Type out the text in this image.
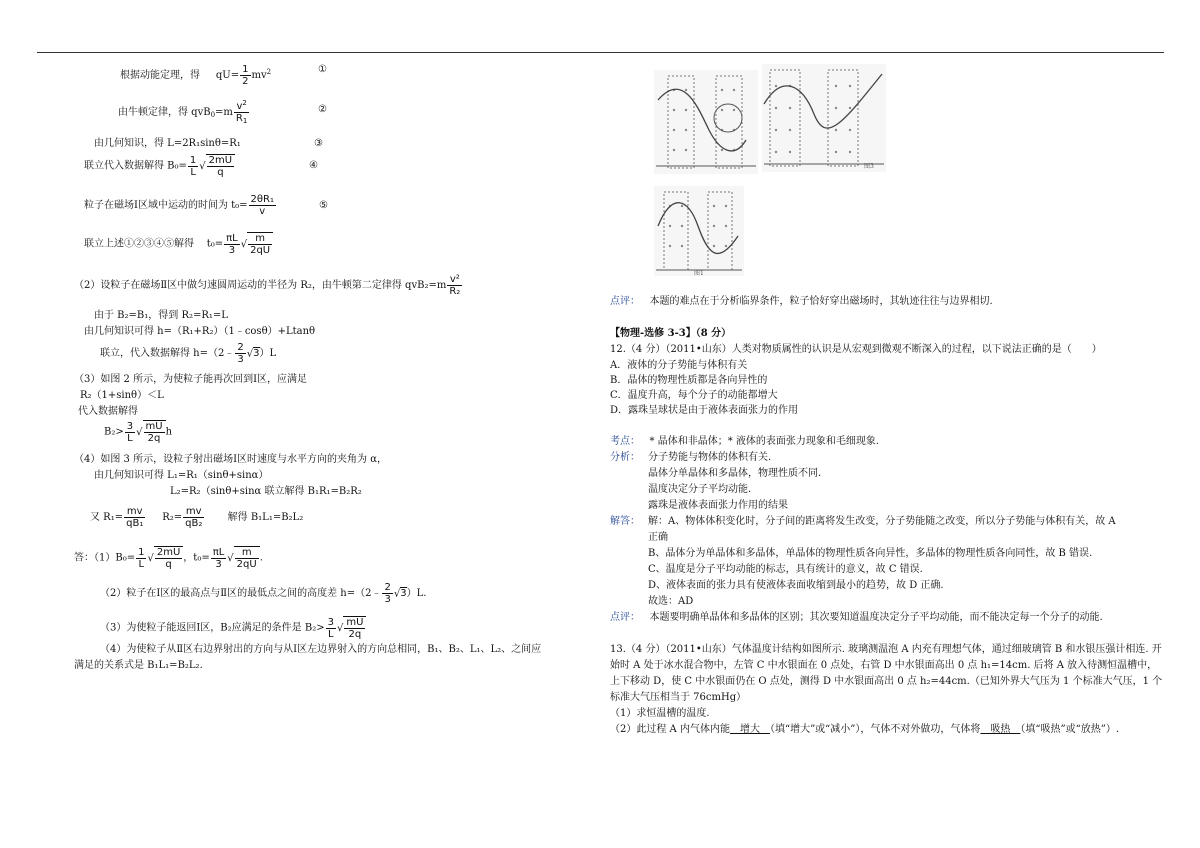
根据动能定理，得 $qU= \frac{1}{2} mv^2$	①
由牛顿定律，得 $qvB_0=m \frac{v^2}{R_1}$	②
由几何知识，得 L=2R₁sinθ=R₁	③
联立代入数据解得 $B_0= \frac{1}{L}$ √ $\frac{2mU}{q}$	④
粒子在磁场Ⅰ区域中运动的时间为 $t_0= \frac{\text{2θR₁}}{v}$	⑤
联立上述①②③④⑤解得 $t_0= \frac{\pi L}{3}$ √ $\frac{m}{2qU}$
（2）设粒子在磁场Ⅱ区中做匀速圆周运动的半径为 R₂，由牛顿第二定律得 $qvB_2=m \frac{\text{v²}}{\text{R₂}}$
由于 B₂=B₁，得到 R₂=R₁=L
由几何知识可得 h=（R₁+R₂）（1﹣cosθ）+Ltanθ
联立，代入数据解得 h=（2﹣ $\frac{2}{3} √3)L$
（3）如图 2 所示，为使粒子能再次回到Ⅰ区，应满足
R₂（1+sinθ）＜L
代入数据解得
$B_2> \frac{3}{L}$ √ $\frac{mU}{2q}$ h
（4）如图 3 所示，设粒子射出磁场Ⅰ区时速度与水平方向的夹角为 α，
由几何知识可得 L₁=R₁（sinθ+sinα）
L₂=R₂（sinθ+sinα 联立解得 B₁R₁=B₂R₂
又 $R_1= \frac{mv}{\text{qB₁}} R_2= \frac{mv}{\text{qB₂}}$ 解得 B₁L₁=B₂L₂
答：$(1)B_0= \frac{1}{L}$ √ $\frac{2mU}{q}$ ，$t_0= \frac{\pi L}{3}$ √ $\frac{m}{2qU}$ .
（2）粒子在Ⅰ区的最高点与Ⅱ区的最低点之间的高度差 h=（2﹣ $\frac{2}{3} √3)L$.
（3）为使粒子能返回Ⅰ区，B₂应满足的条件是 $B_2> \frac{3}{L}$ √ $\frac{mU}{2q}$
（4）为使粒子从Ⅱ区右边界射出的方向与从Ⅰ区左边界射入的方向总相同，B₁、B₂、L₁、L₂、之间应
满足的关系式是 B₁L₁=B₂L₂.
图3
图1
点评： 本题的难点在于分析临界条件，粒子恰好穿出磁场时，其轨迹往往与边界相切.
【物理-选修 3-3】（8 分）
12.（4 分）（2011•山东）人类对物质属性的认识是从宏观到微观不断深入的过程，以下说法正确的是（　　）
A．液体的分子势能与体积有关
B．晶体的物理性质都是各向异性的
C．温度升高，每个分子的动能都增大
D．露珠呈球状是由于液体表面张力的作用
考点： * 晶体和非晶体；* 液体的表面张力现象和毛细现象.
分析： 分子势能与物体的体积有关.
晶体分单晶体和多晶体，物理性质不同.
温度决定分子平均动能.
露珠是液体表面张力作用的结果
解答： 解：A、物体体积变化时，分子间的距离将发生改变，分子势能随之改变，所以分子势能与体积有关，故 A
正确
B、晶体分为单晶体和多晶体，单晶体的物理性质各向异性，多晶体的物理性质各向同性，故 B 错误.
C、温度是分子平均动能的标志，具有统计的意义，故 C 错误.
D、液体表面的张力具有使液体表面收缩到最小的趋势，故 D 正确.
故选：AD
点评： 本题要明确单晶体和多晶体的区别；其次要知道温度决定分子平均动能，而不能决定每一个分子的动能.
13.（4 分）（2011•山东）气体温度计结构如图所示. 玻璃测温泡 A 内充有理想气体，通过细玻璃管 B 和水银压强计相连. 开
始时 A 处于冰水混合物中，左管 C 中水银面在 0 点处，右管 D 中水银面高出 0 点 h₁=14cm. 后将 A 放入待测恒温槽中，
上下移动 D，使 C 中水银面仍在 O 点处，测得 D 中水银面高出 0 点 h₂=44cm.（已知外界大气压为 1 个标准大气压，1 个
标准大气压相当于 76cmHg）
（1）求恒温槽的温度.
（2）此过程 A 内气体内能　增大　（填“增大”或“减小”），气体不对外做功，气体将　吸热　（填“吸热”或“放热”）.
